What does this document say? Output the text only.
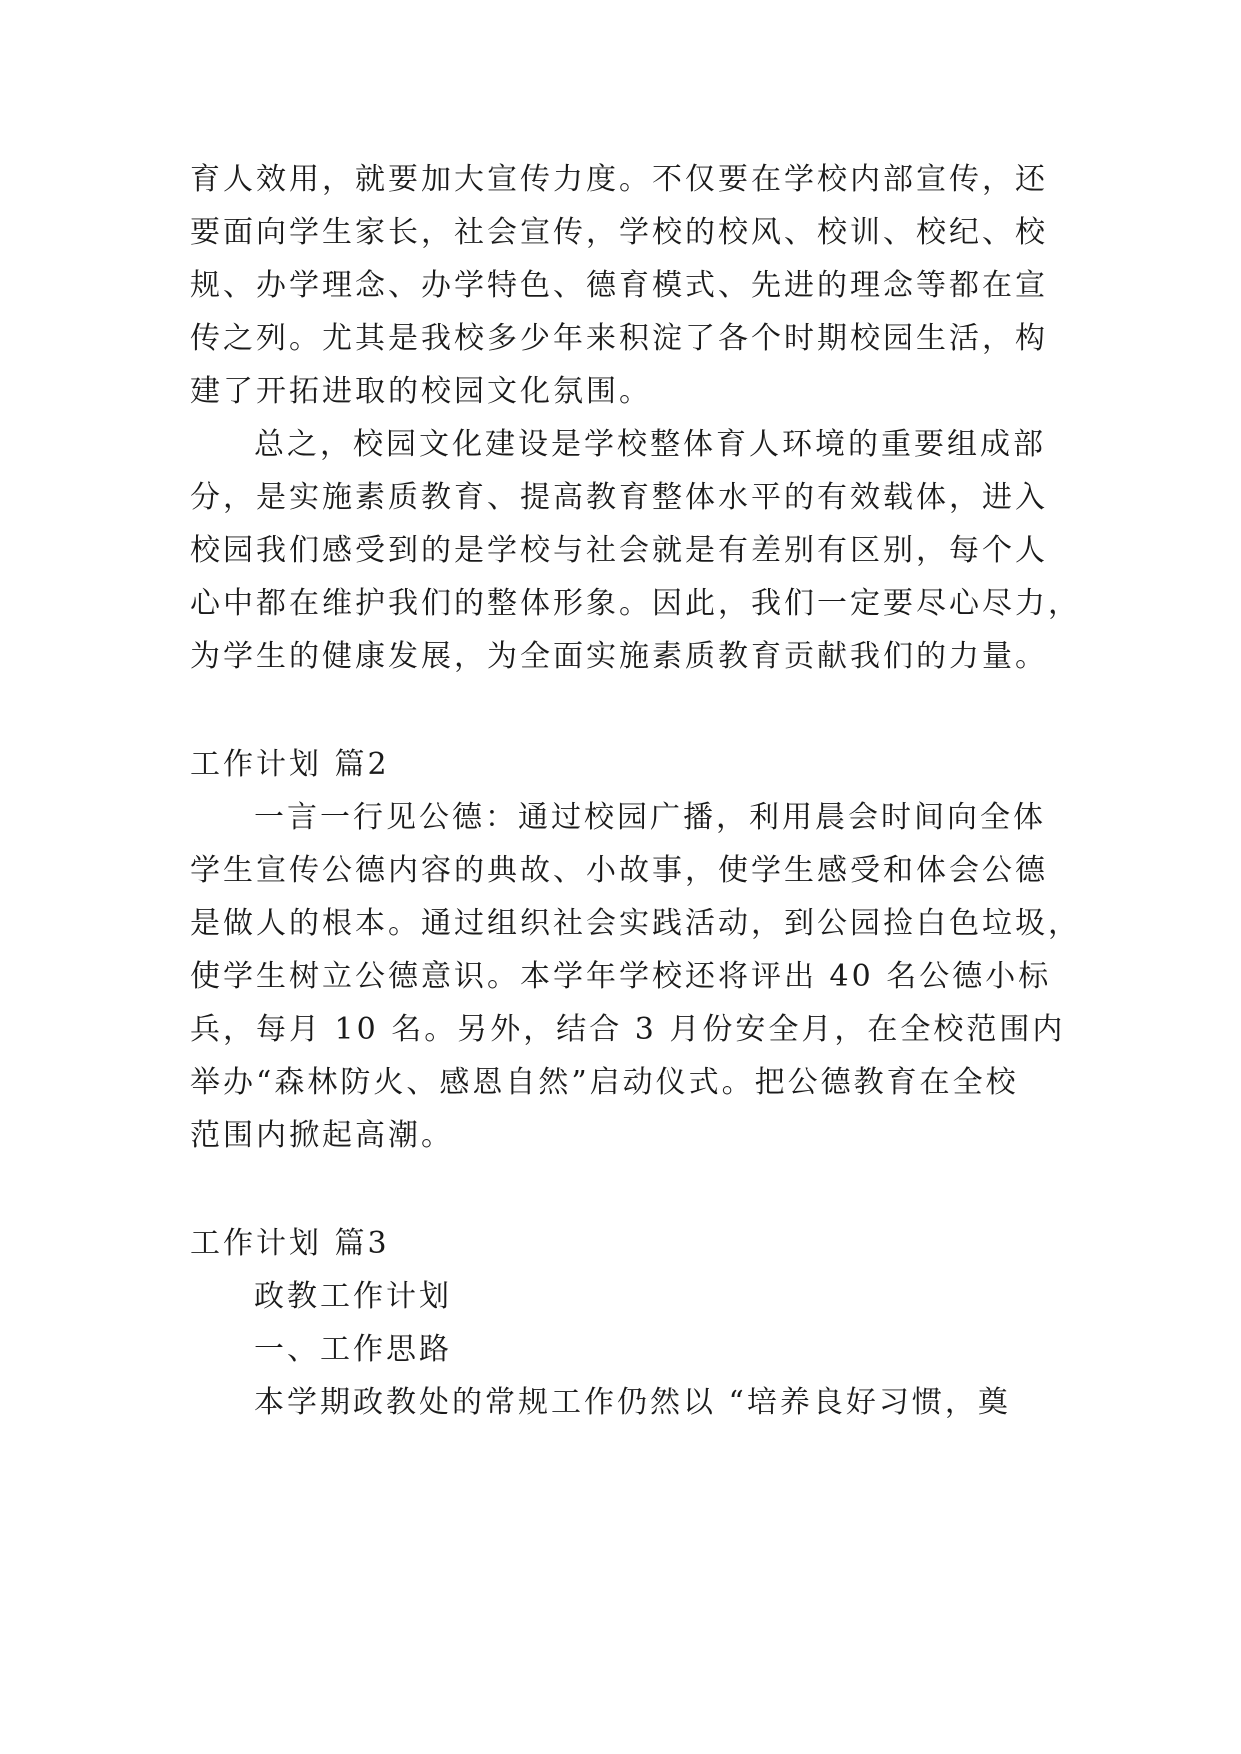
育人效用，就要加大宣传力度。不仅要在学校内部宣传，还

要面向学生家长，社会宣传，学校的校风、校训、校纪、校

规、办学理念、办学特色、德育模式、先进的理念等都在宣

传之列。尤其是我校多少年来积淀了各个时期校园生活，构

建了开拓进取的校园文化氛围。

总之，校园文化建设是学校整体育人环境的重要组成部

分，是实施素质教育、提高教育整体水平的有效载体，进入

校园我们感受到的是学校与社会就是有差别有区别，每个人

心中都在维护我们的整体形象。因此，我们一定要尽心尽力，

为学生的健康发展，为全面实施素质教育贡献我们的力量。

工作计划 篇2

一言一行见公德：通过校园广播，利用晨会时间向全体

学生宣传公德内容的典故、小故事，使学生感受和体会公德

是做人的根本。通过组织社会实践活动，到公园捡白色垃圾，

使学生树立公德意识。本学年学校还将评出 40 名公德小标

兵，每月 10 名。另外，结合 3 月份安全月，在全校范围内

举办“森林防火、感恩自然”启动仪式。把公德教育在全校

范围内掀起高潮。

工作计划 篇3

政教工作计划

一、工作思路

本学期政教处的常规工作仍然以 “培养良好习惯，奠
